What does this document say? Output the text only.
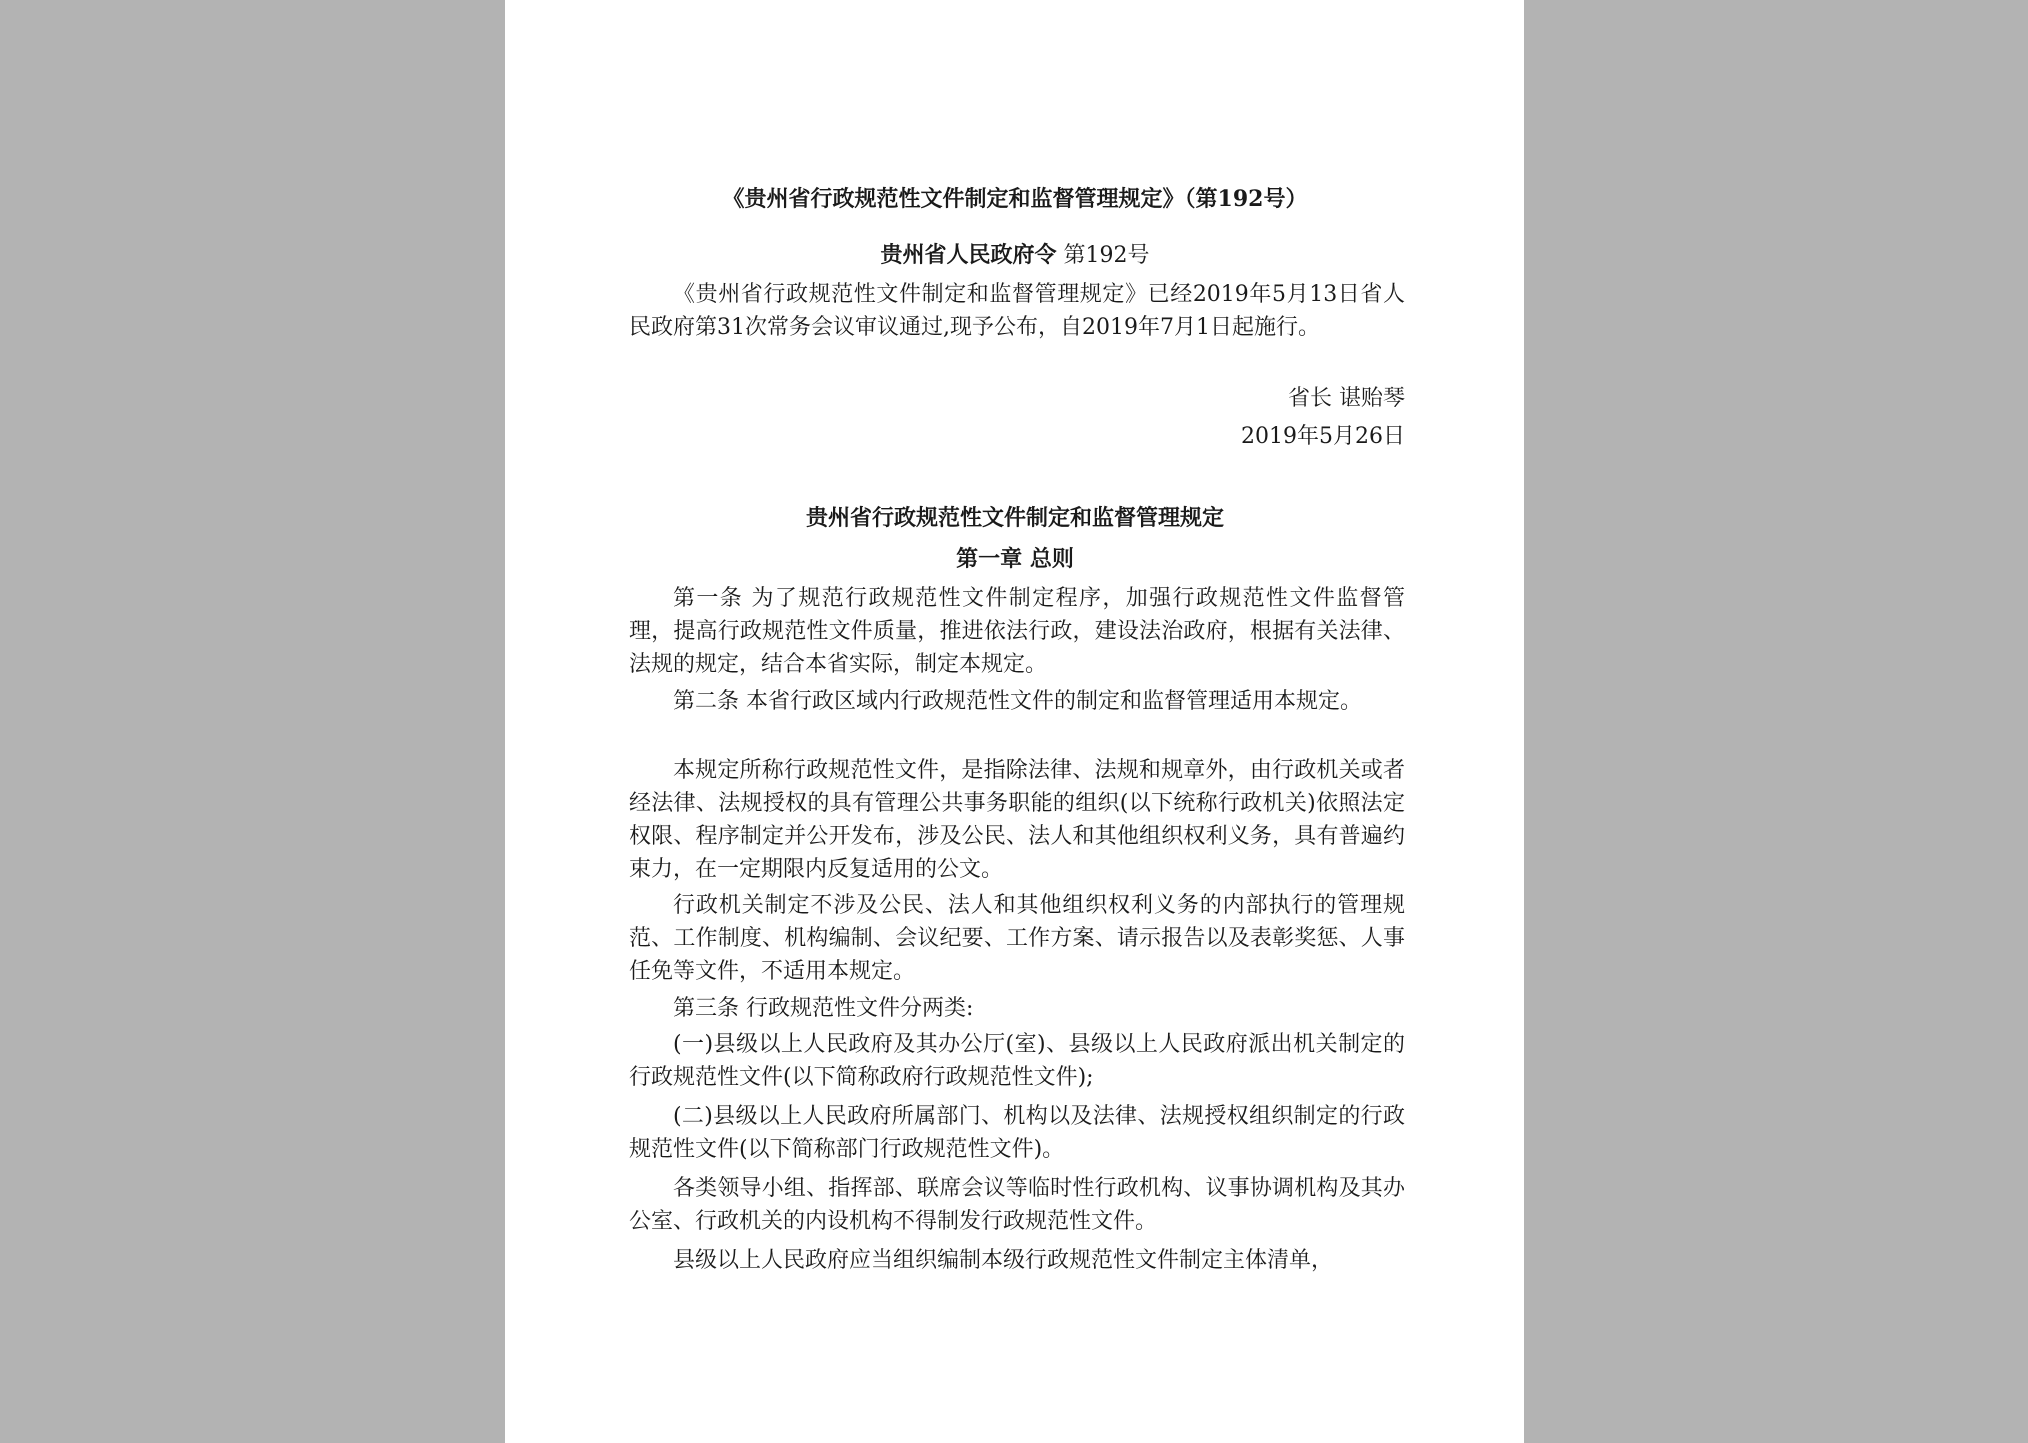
《贵州省行政规范性文件制定和监督管理规定》（第192号）
贵州省人民政府令 第192号
《贵州省行政规范性文件制定和监督管理规定》已经2019年5月13日省人民政府第31次常务会议审议通过,现予公布，自2019年7月1日起施行。
省长 谌贻琴
2019年5月26日
贵州省行政规范性文件制定和监督管理规定
第一章 总则
第一条 为了规范行政规范性文件制定程序，加强行政规范性文件监督管理，提高行政规范性文件质量，推进依法行政，建设法治政府，根据有关法律、法规的规定，结合本省实际，制定本规定。
第二条 本省行政区域内行政规范性文件的制定和监督管理适用本规定。
本规定所称行政规范性文件，是指除法律、法规和规章外，由行政机关或者经法律、法规授权的具有管理公共事务职能的组织(以下统称行政机关)依照法定权限、程序制定并公开发布，涉及公民、法人和其他组织权利义务，具有普遍约束力，在一定期限内反复适用的公文。
行政机关制定不涉及公民、法人和其他组织权利义务的内部执行的管理规范、工作制度、机构编制、会议纪要、工作方案、请示报告以及表彰奖惩、人事任免等文件，不适用本规定。
第三条 行政规范性文件分两类:
(一)县级以上人民政府及其办公厅(室)、县级以上人民政府派出机关制定的行政规范性文件(以下简称政府行政规范性文件);
(二)县级以上人民政府所属部门、机构以及法律、法规授权组织制定的行政规范性文件(以下简称部门行政规范性文件)。
各类领导小组、指挥部、联席会议等临时性行政机构、议事协调机构及其办公室、行政机关的内设机构不得制发行政规范性文件。
县级以上人民政府应当组织编制本级行政规范性文件制定主体清单，
